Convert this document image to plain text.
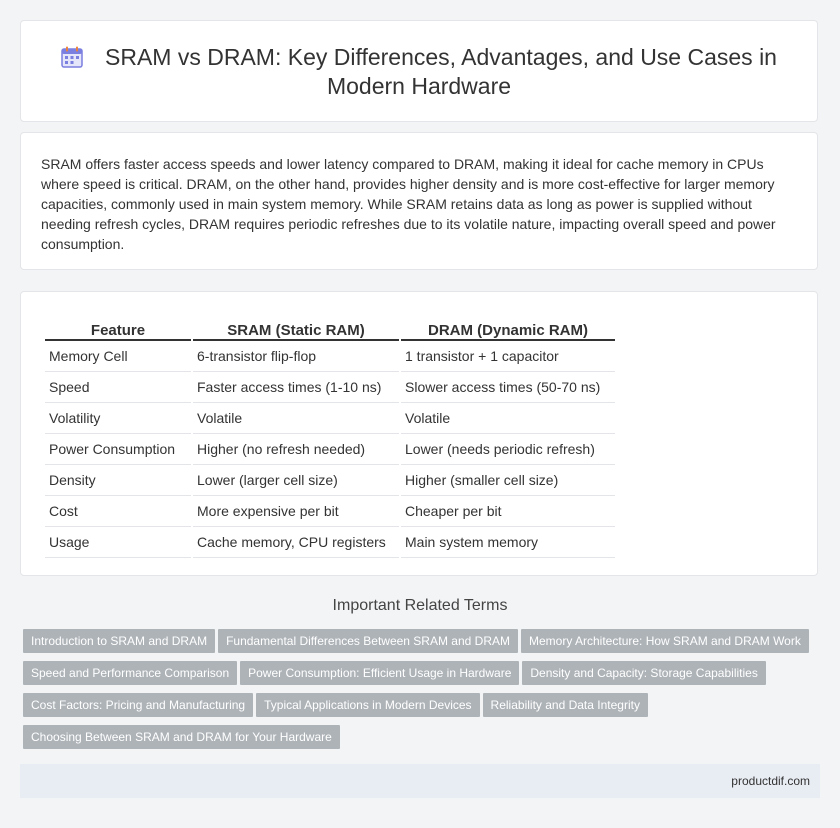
SRAM vs DRAM: Key Differences, Advantages, and Use Cases in Modern Hardware

SRAM offers faster access speeds and lower latency compared to DRAM, making it ideal for cache memory in CPUs where speed is critical. DRAM, on the other hand, provides higher density and is more cost-effective for larger memory capacities, commonly used in main system memory. While SRAM retains data as long as power is supplied without needing refresh cycles, DRAM requires periodic refreshes due to its volatile nature, impacting overall speed and power consumption.

Feature	SRAM (Static RAM)	DRAM (Dynamic RAM)
Memory Cell	6-transistor flip-flop	1 transistor + 1 capacitor
Speed	Faster access times (1-10 ns)	Slower access times (50-70 ns)
Volatility	Volatile	Volatile
Power Consumption	Higher (no refresh needed)	Lower (needs periodic refresh)
Density	Lower (larger cell size)	Higher (smaller cell size)
Cost	More expensive per bit	Cheaper per bit
Usage	Cache memory, CPU registers	Main system memory
Important Related Terms
Introduction to SRAM and DRAM Fundamental Differences Between SRAM and DRAM Memory Architecture: How SRAM and DRAM Work
Speed and Performance Comparison Power Consumption: Efficient Usage in Hardware Density and Capacity: Storage Capabilities
Cost Factors: Pricing and Manufacturing Typical Applications in Modern Devices Reliability and Data Integrity
Choosing Between SRAM and DRAM for Your Hardware
productdif.com
